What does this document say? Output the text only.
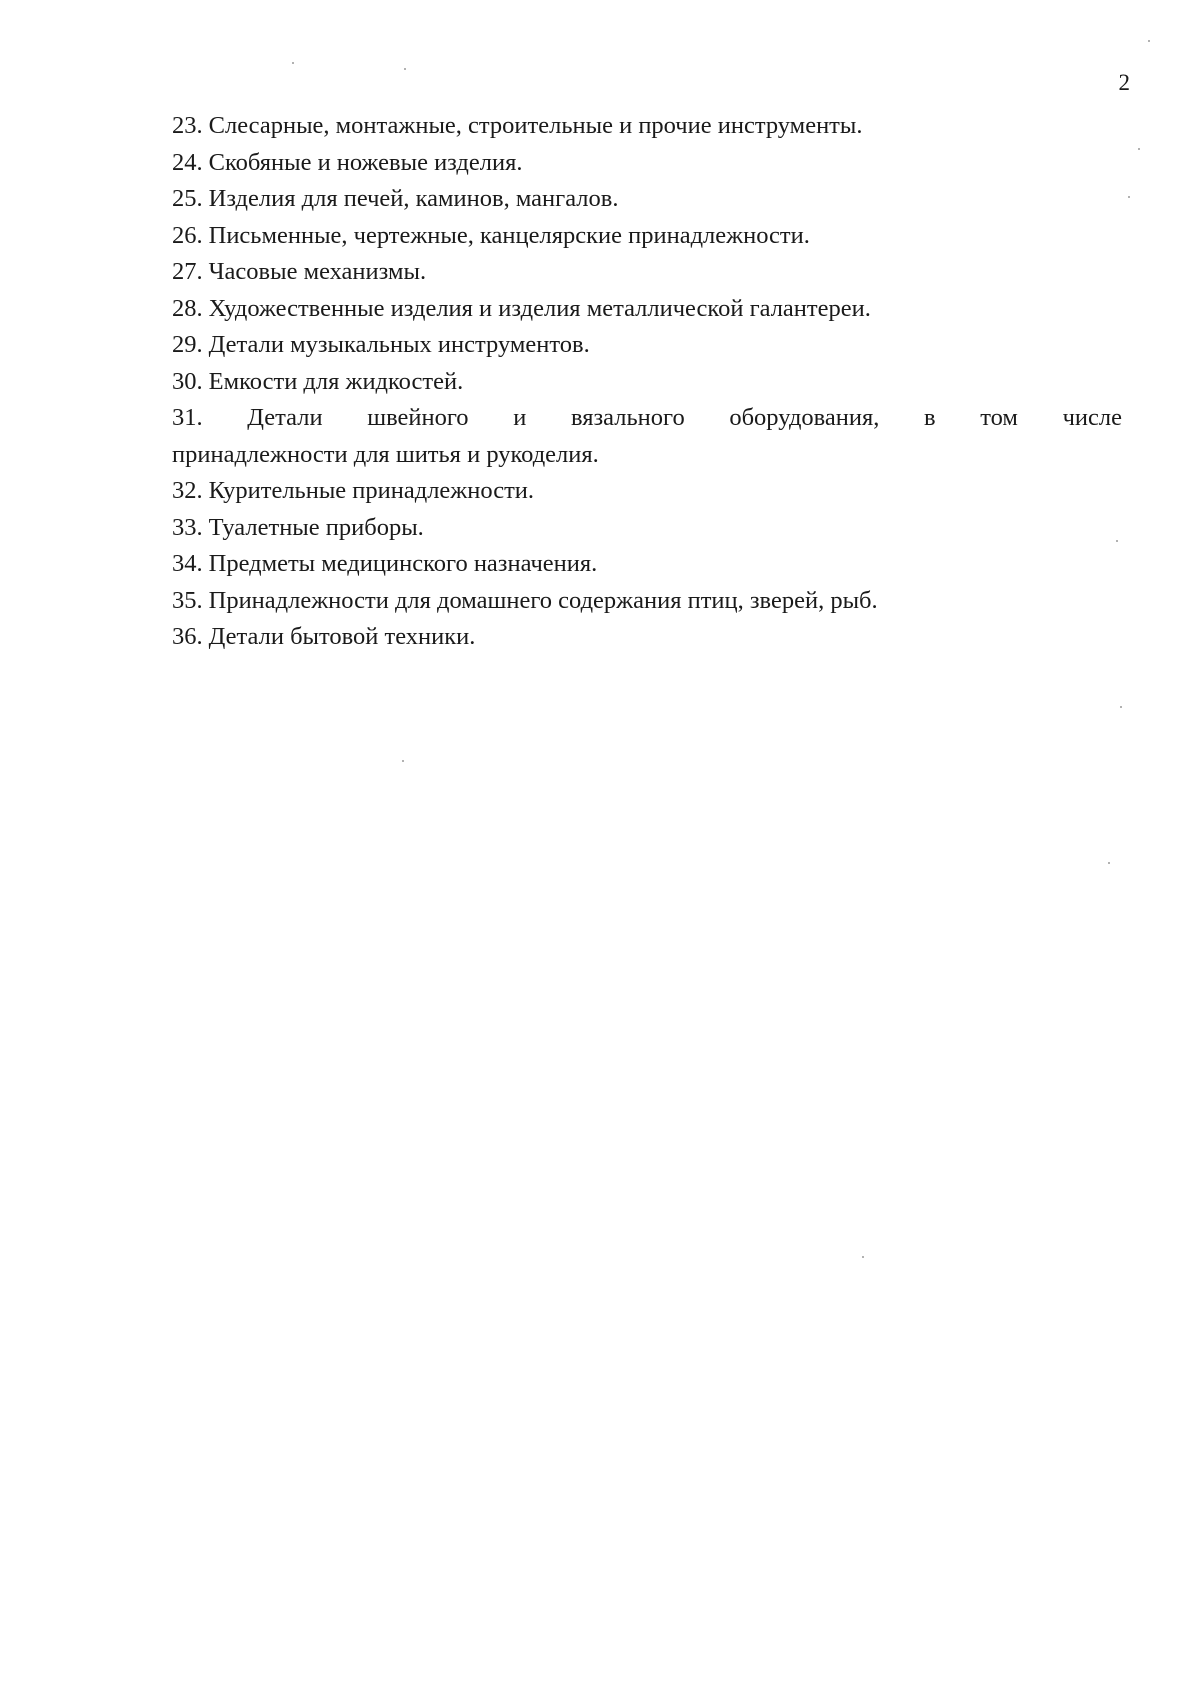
2
23. Слесарные, монтажные, строительные и прочие инструменты.
24. Скобяные и ножевые изделия.
25. Изделия для печей, каминов, мангалов.
26. Письменные, чертежные, канцелярские принадлежности.
27. Часовые механизмы.
28. Художественные изделия и изделия металлической галантереи.
29. Детали музыкальных инструментов.
30. Емкости для жидкостей.
31. Детали швейного и вязального оборудования, в том числе
принадлежности для шитья и рукоделия.
32. Курительные принадлежности.
33. Туалетные приборы.
34. Предметы медицинского назначения.
35. Принадлежности для домашнего содержания птиц, зверей, рыб.
36. Детали бытовой техники.
